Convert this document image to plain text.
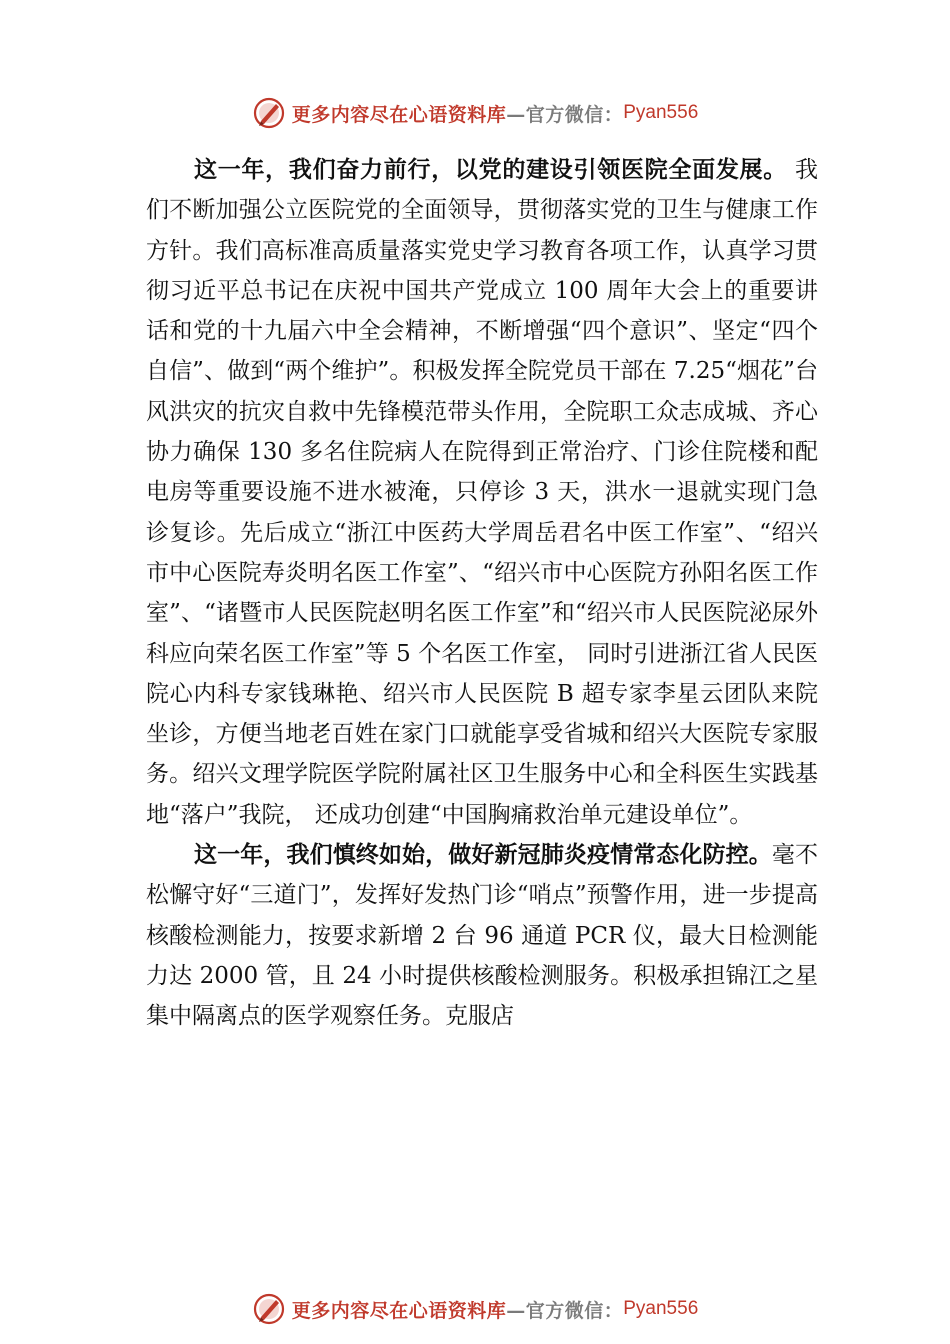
更多内容尽在心语资料库 —官方微信： Pyan556

这一年，我们奋力前行，以党的建设引领医院全面发展。 我们不断加强公立医院党的全面领导，贯彻落实党的卫生与健康工作方针。我们高标准高质量落实党史学习教育各项工作，认真学习贯彻习近平总书记在庆祝中国共产党成立 100 周年大会上的重要讲话和党的十九届六中全会精神，不断增强“四个意识”、坚定“四个自信”、做到“两个维护”。积极发挥全院党员干部在 7.25“烟花”台风洪灾的抗灾自救中先锋模范带头作用，全院职工众志成城、齐心协力确保 130 多名住院病人在院得到正常治疗、门诊住院楼和配电房等重要设施不进水被淹，只停诊 3 天，洪水一退就实现门急诊复诊。先后成立“浙江中医药大学周岳君名中医工作室”、“绍兴市中心医院寿炎明名医工作室”、“绍兴市中心医院方孙阳名医工作室”、“诸暨市人民医院赵明名医工作室”和“绍兴市人民医院泌尿外科应向荣名医工作室”等 5 个名医工作室， 同时引进浙江省人民医院心内科专家钱琳艳、绍兴市人民医院 B 超专家李星云团队来院坐诊，方便当地老百姓在家门口就能享受省城和绍兴大医院专家服务。绍兴文理学院医学院附属社区卫生服务中心和全科医生实践基地“落户”我院， 还成功创建“中国胸痛救治单元建设单位”。

这一年，我们慎终如始，做好新冠肺炎疫情常态化防控。毫不松懈守好“三道门”，发挥好发热门诊“哨点”预警作用，进一步提高核酸检测能力，按要求新增 2 台 96 通道 PCR 仪，最大日检测能力达 2000 管，且 24 小时提供核酸检测服务。积极承担锦江之星集中隔离点的医学观察任务。克服店

更多内容尽在心语资料库 —官方微信： Pyan556
